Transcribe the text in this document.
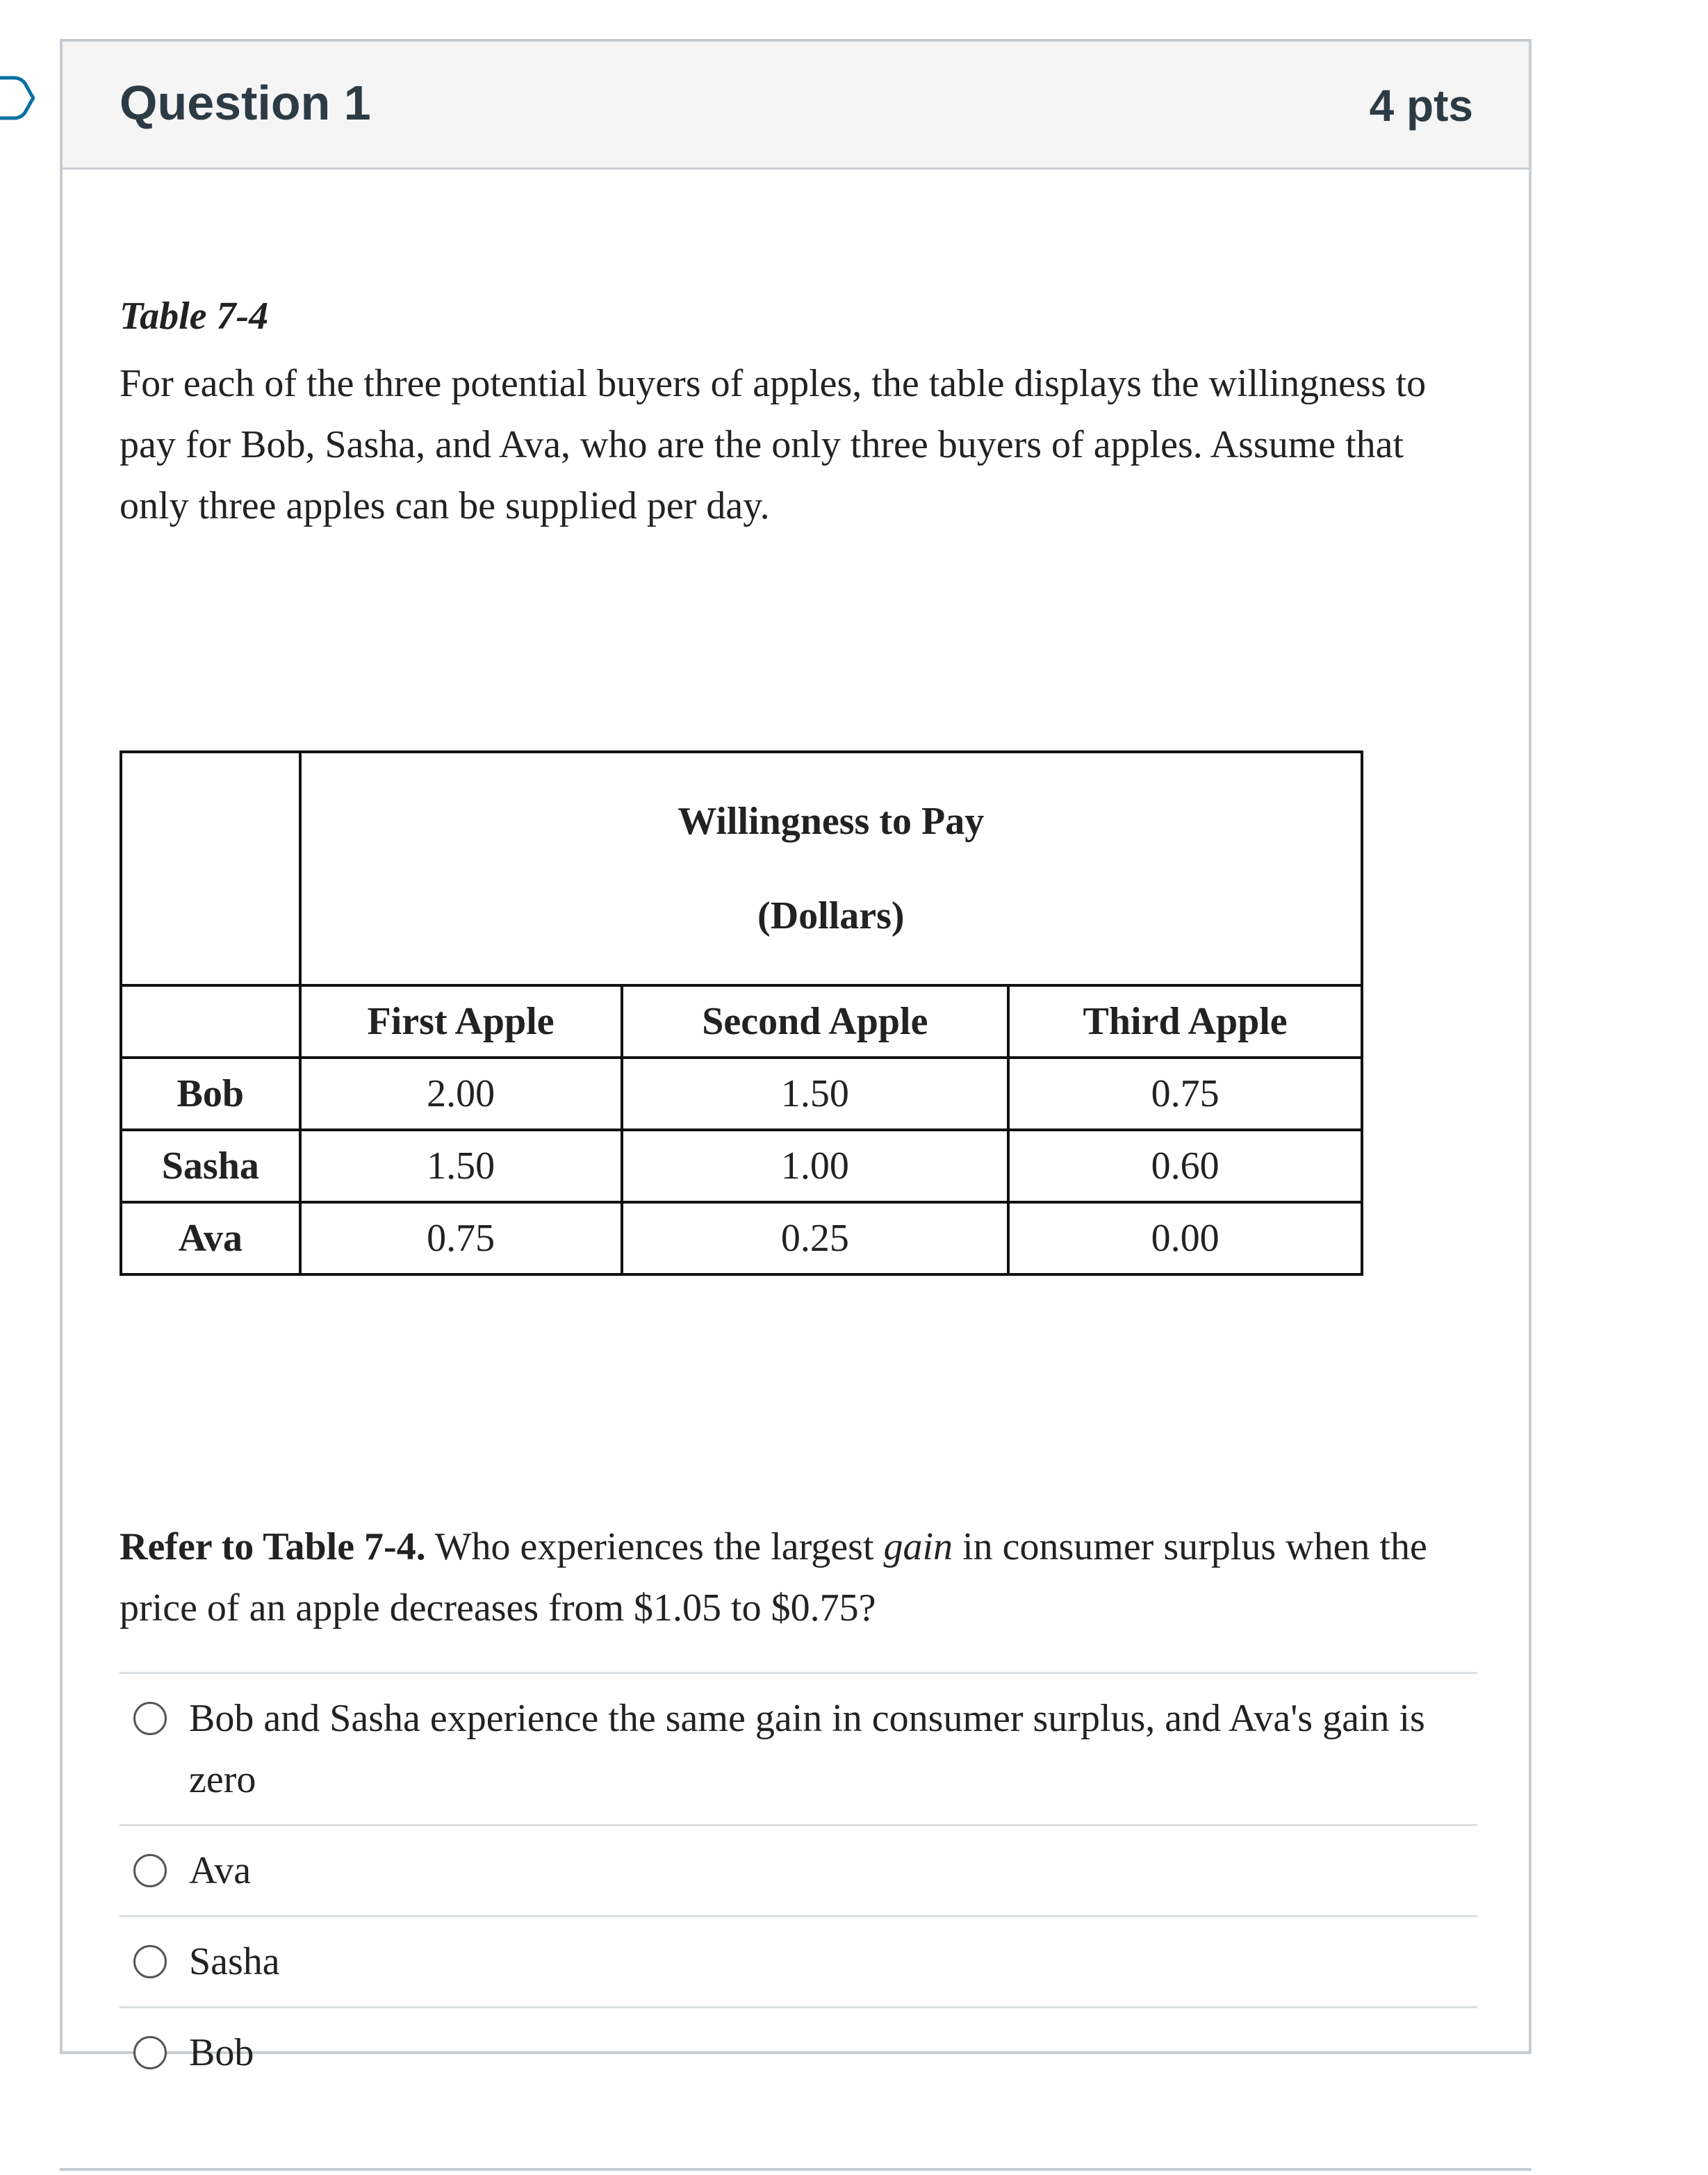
Question 1	4 pts
Table 7-4
For each of the three potential buyers of apples, the table displays the willingness to pay for Bob, Sasha, and Ava, who are the only three buyers of apples. Assume that only three apples can be supplied per day.

	Willingness to Pay
(Dollars)		

	First Apple	Second Apple	Third Apple
Bob	2.00	1.50	0.75
Sasha	1.50	1.00	0.60
Ava	0.75	0.25	0.00
Refer to Table 7-4. Who experiences the largest gain in consumer surplus when the price of an apple decreases from $1.05 to $0.75?
Bob and Sasha experience the same gain in consumer surplus, and Ava's gain is zero
Ava
Sasha
Bob
